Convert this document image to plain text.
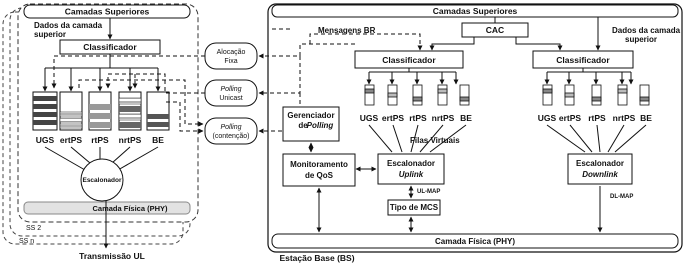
SS 2
SS n
Camadas Superiores
Dados da camada
superior
Classificador
UGS ertPS rtPS nrtPS BE
Escalonador
Camada Física (PHY)
Transmissão UL
Alocação
Fixa
Polling
Unicast
Polling
(contenção)
Camadas Superiores
Mensagens BR	CAC	Dados da camada
superior
Classificador	Classificador
UGS ertPS rtPS nrtPS BE	UGS ertPS rtPS nrtPS BE
Filas Virtuais
Gerenciador
de
Polling
Monitoramento
de QoS
Escalonador
Uplink
UL-MAP
Tipo de MCS
Escalonador
Downlink
DL-MAP
Camada Física (PHY)
Estação Base (BS)
